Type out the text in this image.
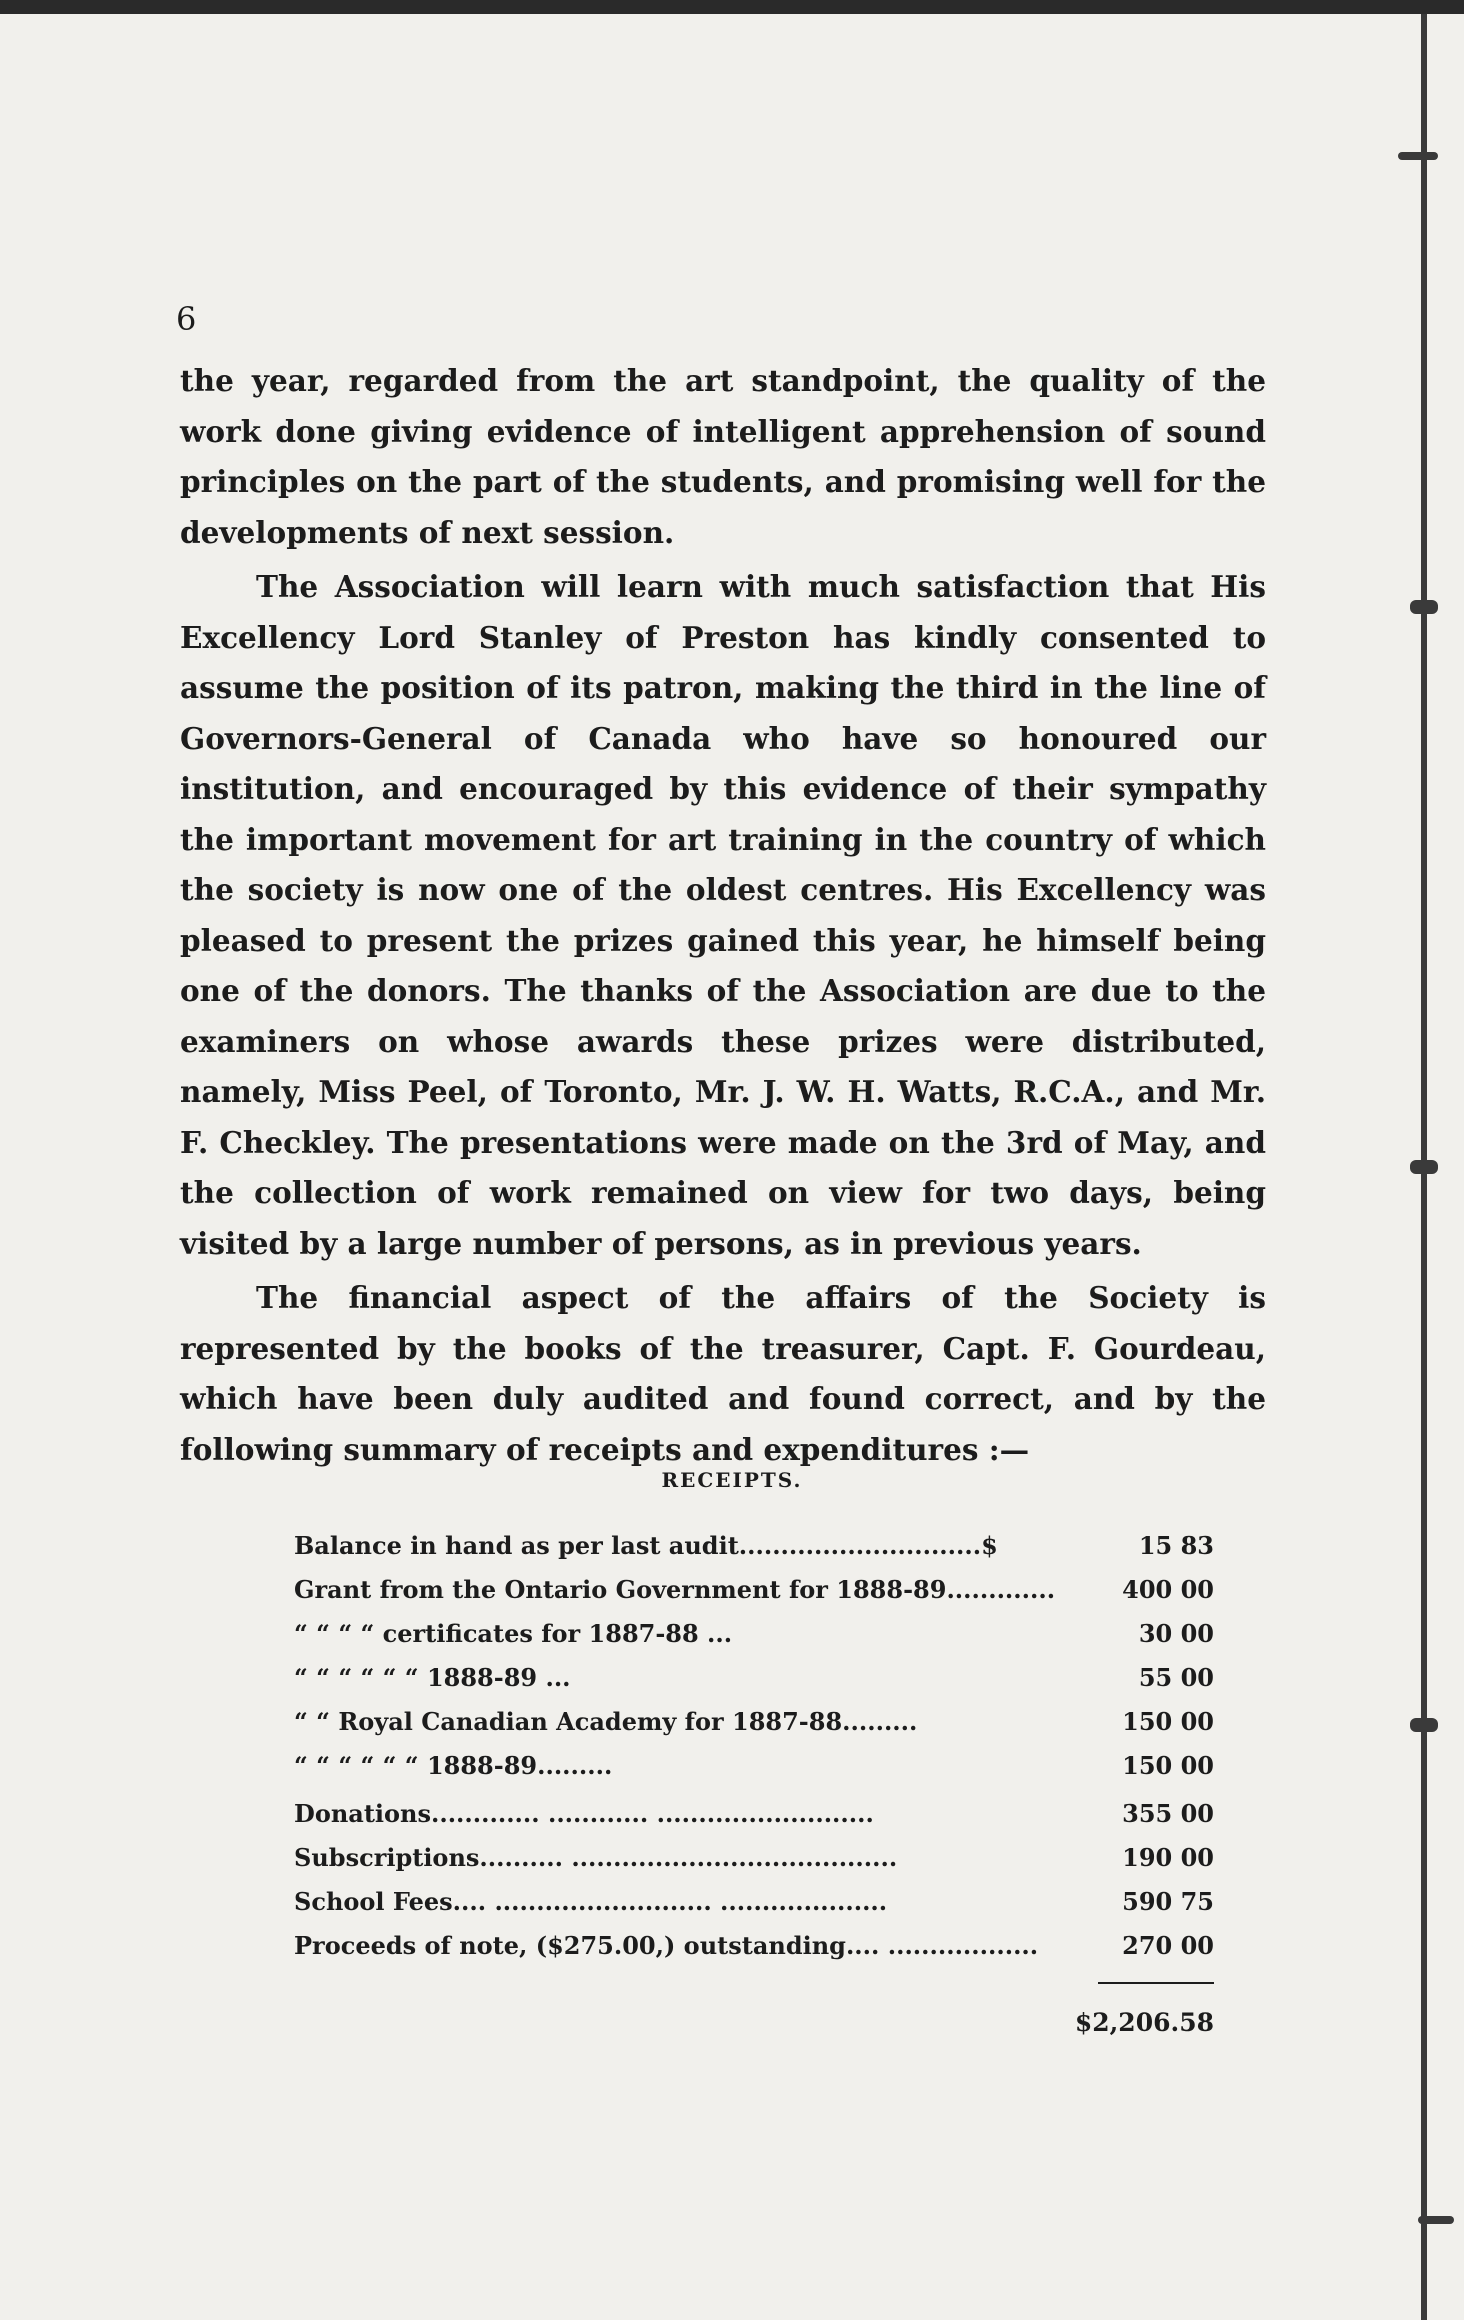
6

the year, regarded from the art standpoint, the quality of the work done giving evidence of intelligent apprehension of sound principles on the part of the students, and promising well for the developments of next session.

The Association will learn with much satisfaction that His Excellency Lord Stanley of Preston has kindly consented to assume the position of its patron, making the third in the line of Governors-General of Canada who have so honoured our institution, and encouraged by this evidence of their sympathy the important movement for art training in the country of which the society is now one of the oldest centres. His Excellency was pleased to present the prizes gained this year, he himself being one of the donors. The thanks of the Association are due to the examiners on whose awards these prizes were distributed, namely, Miss Peel, of Toronto, Mr. J. W. H. Watts, R.C.A., and Mr. F. Checkley. The presentations were made on the 3rd of May, and the collection of work remained on view for two days, being visited by a large number of persons, as in previous years.

The financial aspect of the affairs of the Society is represented by the books of the treasurer, Capt. F. Gourdeau, which have been duly audited and found correct, and by the following summary of receipts and expenditures :—

RECEIPTS.
Balance in hand as per last audit.............................$	15 83
Grant from the Ontario Government for 1888-89.............	400 00
“ “ “ “ certificates for 1887-88 ...	30 00
“ “ “ “ “ “ 1888-89 ...	55 00
“ “ Royal Canadian Academy for 1887-88.........	150 00
“ “ “ “ “ “ 1888-89.........	150 00
Donations............. ............ ..........................	355 00
Subscriptions.......... .......................................	190 00
School Fees.... .......................... ....................	590 75
Proceeds of note, ($275.00,) outstanding.... ..................	270 00
$2,206.58
